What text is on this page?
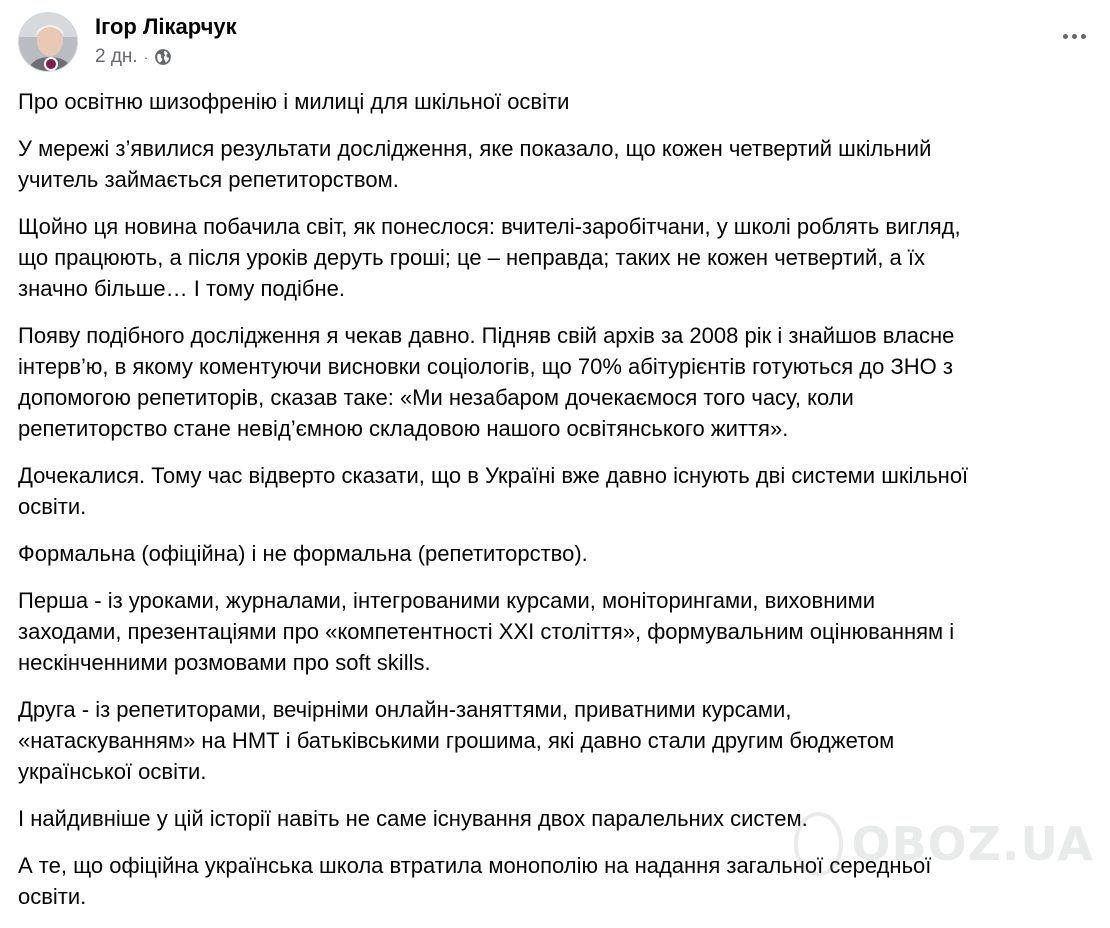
Ігор Лікарчук
2 дн. ·

Про освітню шизофренію і милиці для шкільної освіти

У мережі з’явилися результати дослідження, яке показало, що кожен четвертий шкільний
учитель займається репетиторством.

Щойно ця новина побачила світ, як понеслося: вчителі-заробітчани, у школі роблять вигляд,
що працюють, а після уроків деруть гроші; це – неправда; таких не кожен четвертий, а їх
значно більше… І тому подібне.

Появу подібного дослідження я чекав давно. Підняв свій архів за 2008 рік і знайшов власне
інтерв’ю, в якому коментуючи висновки соціологів, що 70% абітурієнтів готуються до ЗНО з
допомогою репетиторів, сказав таке: «Ми незабаром дочекаємося того часу, коли
репетиторство стане невід’ємною складовою нашого освітянського життя».

Дочекалися. Тому час відверто сказати, що в Україні вже давно існують дві системи шкільної
освіти.

Формальна (офіційна) і не формальна (репетиторство).

Перша - із уроками, журналами, інтегрованими курсами, моніторингами, виховними
заходами, презентаціями про «компетентності ХХІ століття», формувальним оцінюванням і
нескінченними розмовами про soft skills.

Друга - із репетиторами, вечірніми онлайн-заняттями, приватними курсами,
«натаскуванням» на НМТ і батьківськими грошима, які давно стали другим бюджетом
української освіти.

І найдивніше у цій історії навіть не саме існування двох паралельних систем.

А те, що офіційна українська школа втратила монополію на надання загальної середньої
освіти.

OBOZ.UA
